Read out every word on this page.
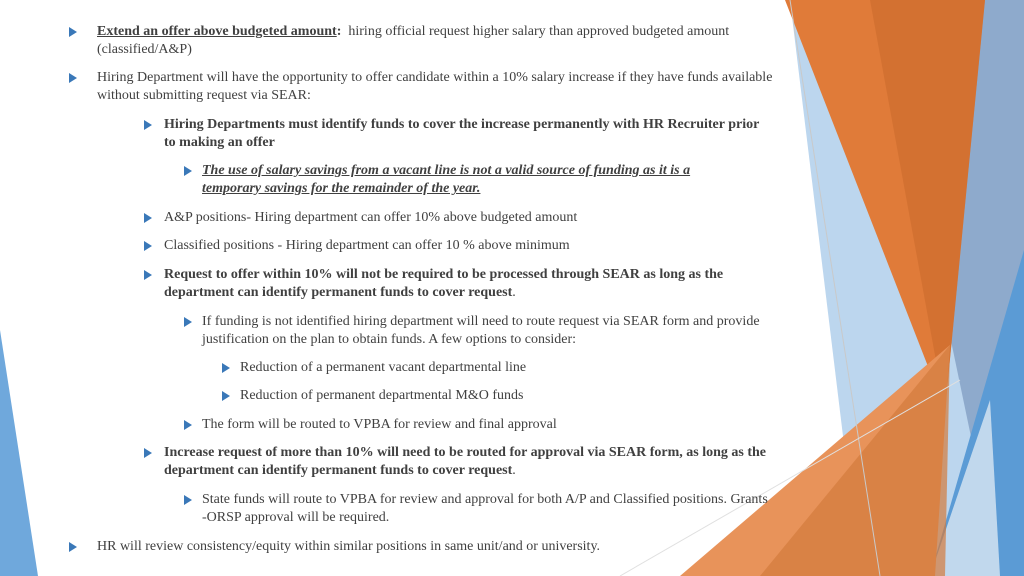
Extend an offer above budgeted amount: hiring official request higher salary than approved budgeted amount (classified/A&P)
Hiring Department will have the opportunity to offer candidate within a 10% salary increase if they have funds available without submitting request via SEAR:
Hiring Departments must identify funds to cover the increase permanently with HR Recruiter prior to making an offer
The use of salary savings from a vacant line is not a valid source of funding as it is a temporary savings for the remainder of the year.
A&P positions- Hiring department can offer 10% above budgeted amount
Classified positions - Hiring department can offer 10 % above minimum
Request to offer within 10% will not be required to be processed through SEAR as long as the department can identify permanent funds to cover request.
If funding is not identified hiring department will need to route request via SEAR form and provide justification on the plan to obtain funds. A few options to consider:
Reduction of a permanent vacant departmental line
Reduction of permanent departmental M&O funds
The form will be routed to VPBA for review and final approval
Increase request of more than 10% will need to be routed for approval via SEAR form, as long as the department can identify permanent funds to cover request.
State funds will route to VPBA for review and approval for both A/P and Classified positions. Grants -ORSP approval will be required.
HR will review consistency/equity within similar positions in same unit/and or university.
